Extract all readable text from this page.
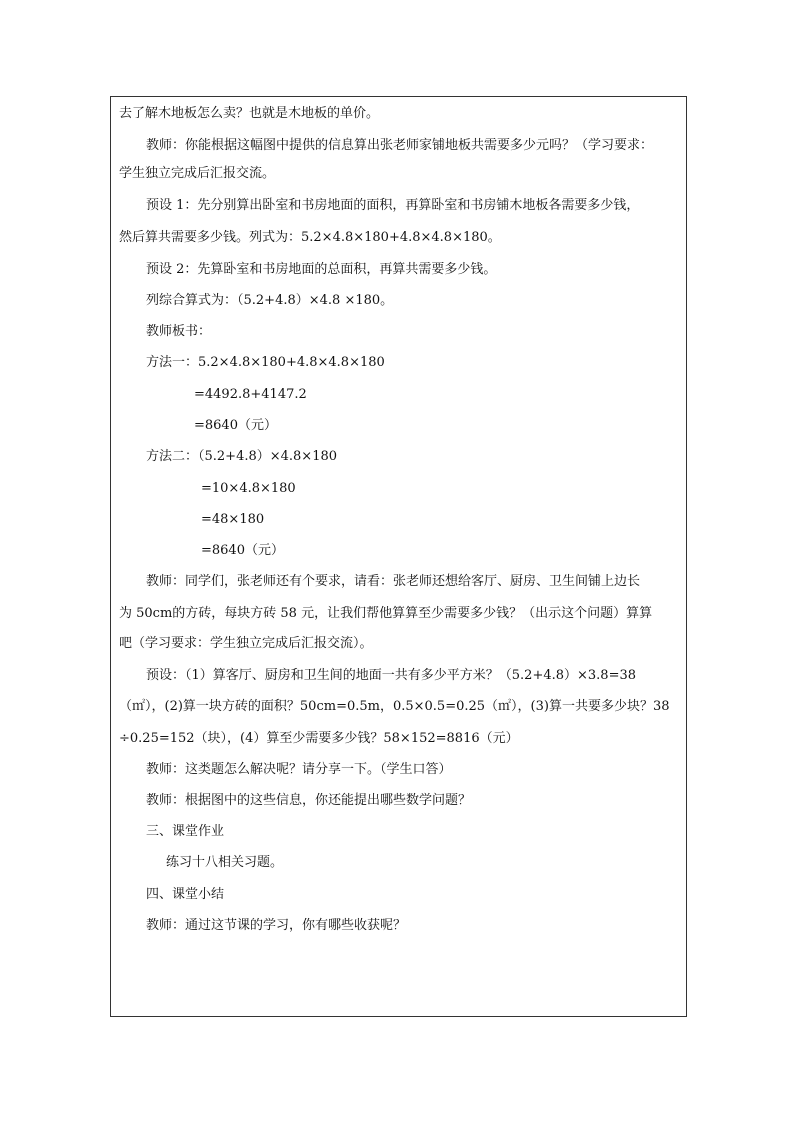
去了解木地板怎么卖？也就是木地板的单价。
教师：你能根据这幅图中提供的信息算出张老师家铺地板共需要多少元吗？（学习要求：
学生独立完成后汇报交流。
预设 1：先分别算出卧室和书房地面的面积，再算卧室和书房铺木地板各需要多少钱，
然后算共需要多少钱。列式为：5.2×4.8×180+4.8×4.8×180。
预设 2：先算卧室和书房地面的总面积，再算共需要多少钱。
列综合算式为：（5.2+4.8）×4.8 ×180。
教师板书：
方法一：5.2×4.8×180+4.8×4.8×180
=4492.8+4147.2
=8640（元）
方法二：（5.2+4.8）×4.8×180
=10×4.8×180
=48×180
=8640（元）
教师：同学们，张老师还有个要求，请看：张老师还想给客厅、厨房、卫生间铺上边长
为 50cm的方砖，每块方砖 58 元，让我们帮他算算至少需要多少钱？（出示这个问题）算算
吧（学习要求：学生独立完成后汇报交流）。
预设：（1）算客厅、厨房和卫生间的地面一共有多少平方米？（5.2+4.8）×3.8=38
（㎡），(2)算一块方砖的面积？50cm=0.5m，0.5×0.5=0.25（㎡），(3)算一共要多少块？38
÷0.25=152（块），(4）算至少需要多少钱？58×152=8816（元）
教师：这类题怎么解决呢？请分享一下。（学生口答）
教师：根据图中的这些信息，你还能提出哪些数学问题？
三、课堂作业
练习十八相关习题。
四、课堂小结
教师：通过这节课的学习，你有哪些收获呢？
